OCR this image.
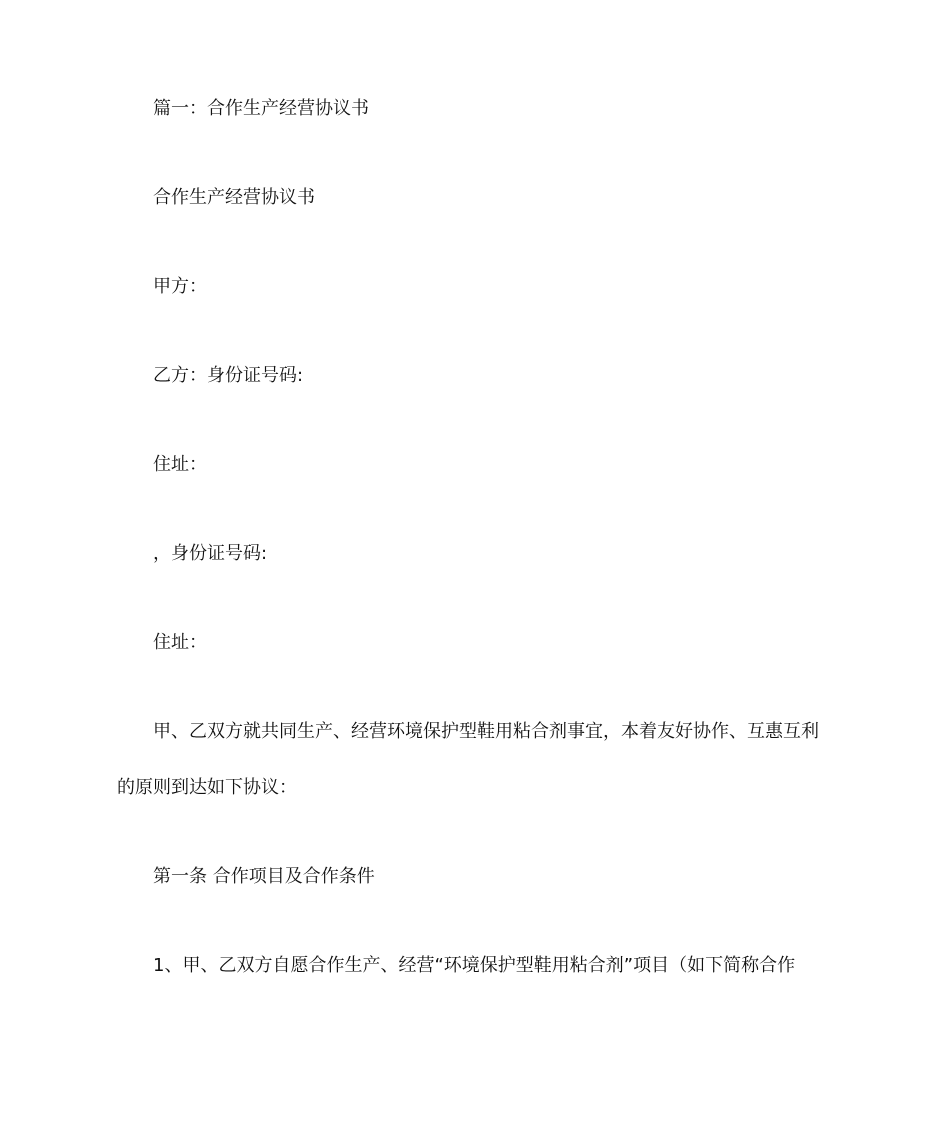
篇一：合作生产经营协议书
合作生产经营协议书
甲方：
乙方：身份证号码:
住址：
，身份证号码:
住址：
甲、乙双方就共同生产、经营环境保护型鞋用粘合剂事宜，本着友好协作、互惠互利
的原则到达如下协议：
第一条 合作项目及合作条件
1、甲、乙双方自愿合作生产、经营“环境保护型鞋用粘合剂”项目（如下简称合作
